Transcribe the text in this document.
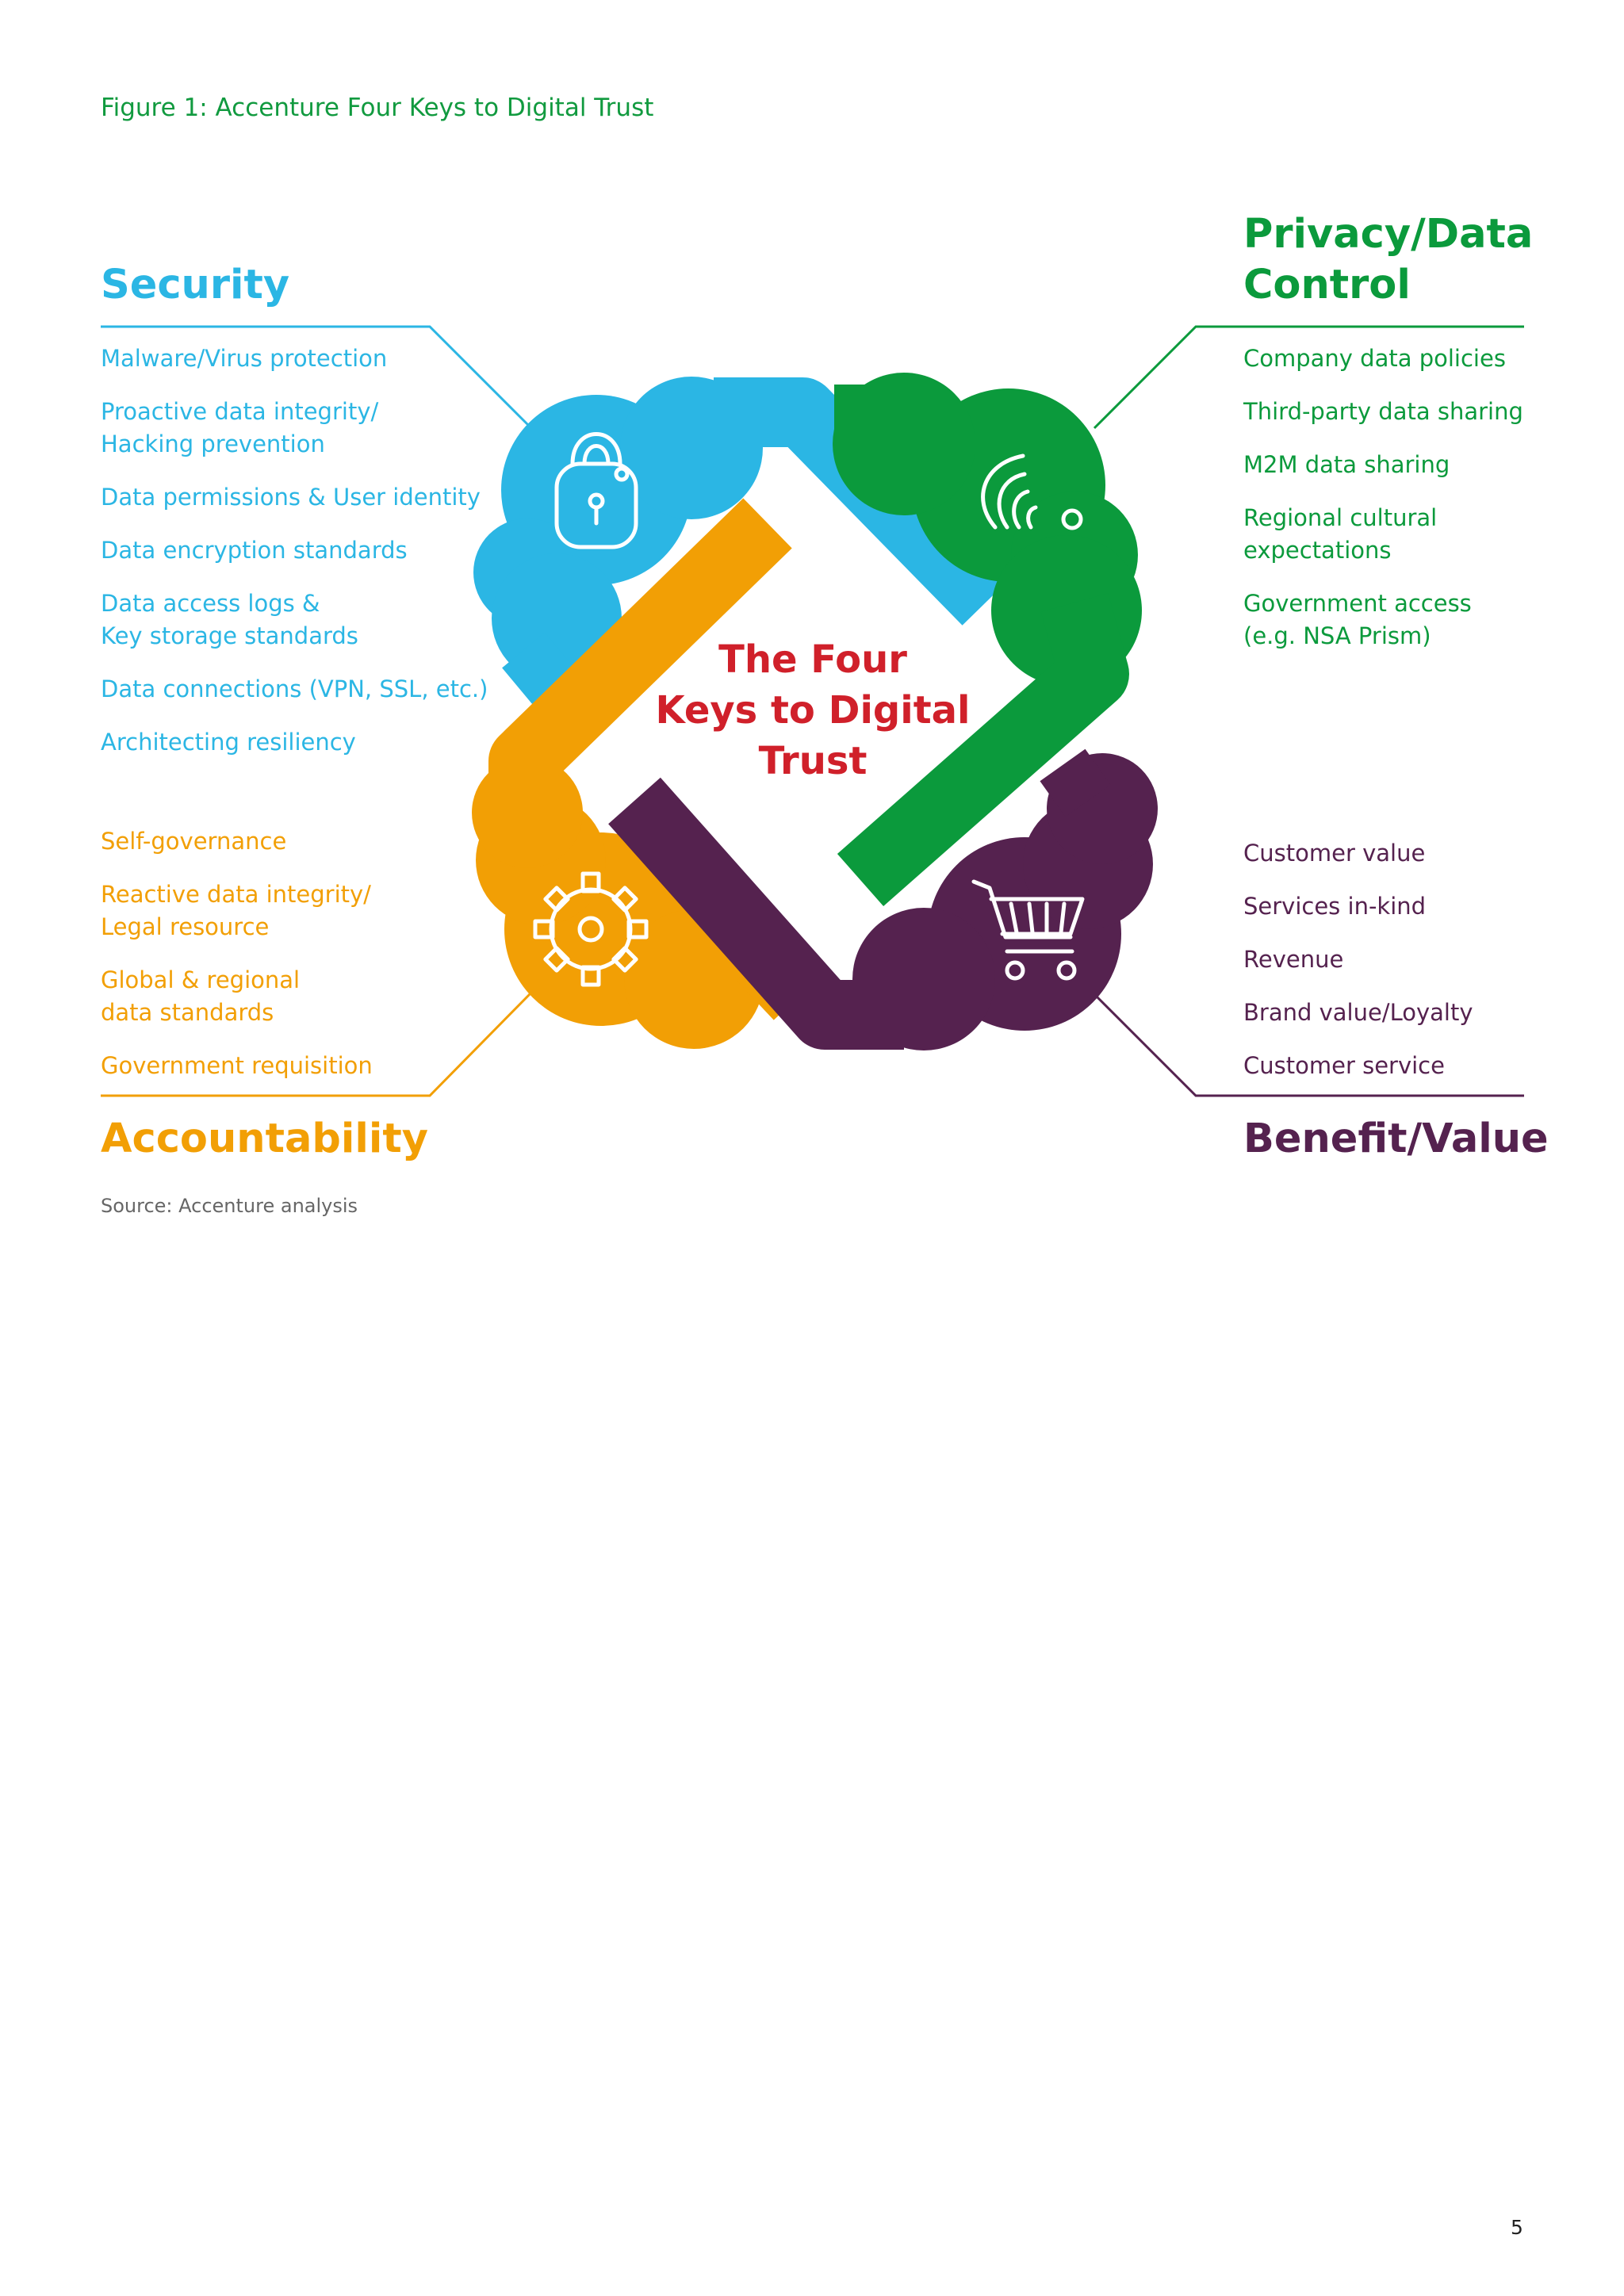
Figure 1: Accenture Four Keys to Digital Trust
The Four
Keys to Digital
Trust
Security

Malware/Virus protection

Proactive data integrity/
Hacking prevention

Data permissions & User identity

Data encryption standards

Data access logs &
Key storage standards

Data connections (VPN, SSL, etc.)

Architecting resiliency

Privacy/Data
Control

Company data policies

Third-party data sharing

M2M data sharing

Regional cultural
expectations

Government access
(e.g. NSA Prism)

Self-governance

Reactive data integrity/
Legal resource

Global & regional
data standards

Government requisition

Accountability

Customer value

Services in-kind

Revenue

Brand value/Loyalty

Customer service

Benefit/Value
Source: Accenture analysis
5
